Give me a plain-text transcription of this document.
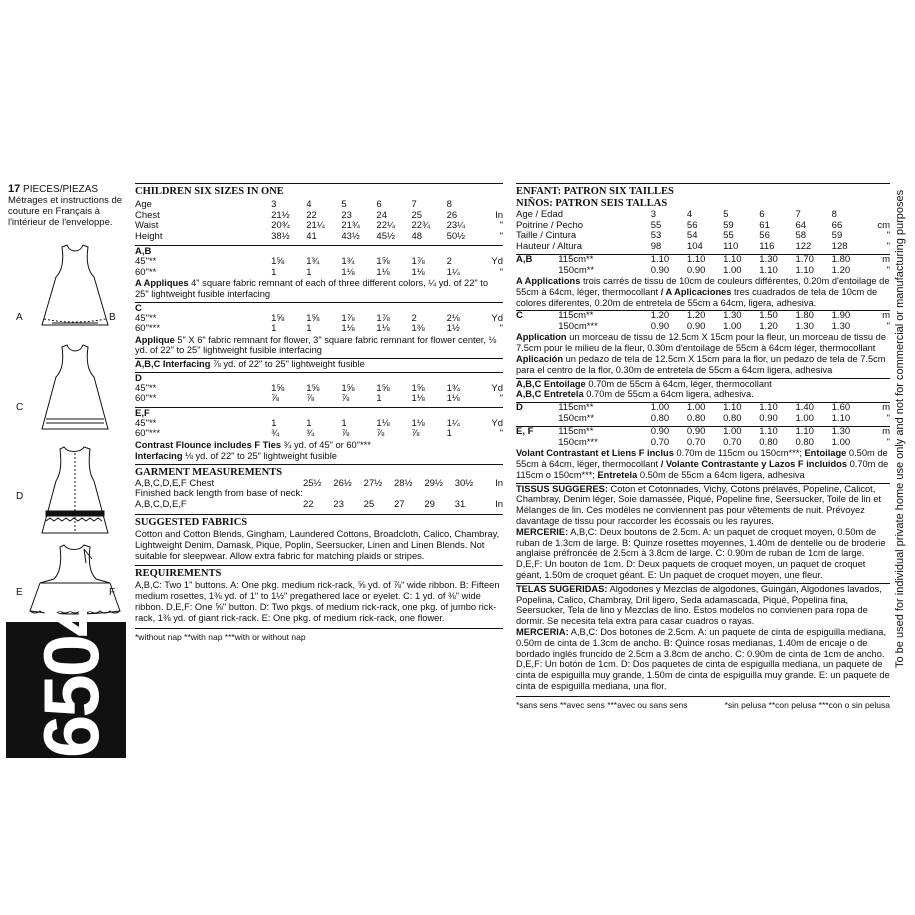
17 PIECES/PIEZAS
Métrages et instructions de couture en Français à l'intérieur de l'enveloppe.
A	B
C
D
E	F
6504
To be used for individual private home use only and not for commercial or manufacturing purposes
CHILDREN SIX SIZES IN ONE
Age	3	4	5	6	7	8	
Chest	21½	22	23	24	25	26	In
Waist	20¾	21¼	21¾	22¼	22¾	23¼	"
Height	38½	41	43½	45½	48	50½	"
A,B
45"**	1⅝	1¾	1¾	1⅝	1⅞	2	Yd
60"**	1	1	1⅛	1⅛	1⅛	1¼	"
A Appliques 4" square fabric remnant of each of three different colors, ¼ yd. of 22" to 25" lightweight fusible interfacing
C
45"**	1⅝	1⅝	1⅞	1⅞	2	2⅛	Yd
60"***	1	1	1⅛	1⅛	1⅜	1½	"
Applique 5" X 6" fabric remnant for flower, 3" square fabric remnant for flower center, ⅛ yd. of 22" to 25" lightweight fusible interfacing
A,B,C Interfacing ⅞ yd. of 22" to 25" lightweight fusible
D
45"**	1⅝	1⅝	1⅝	1⅝	1⅝	1¾	Yd
60"**	⅞	⅞	⅞	1	1⅛	1⅛	"
E,F
45"**	1	1	1	1⅛	1⅛	1¼	Yd
60"***	¾	¾	⅞	⅞	⅞	1	"
Contrast Flounce includes F Ties ¾ yd. of 45" or 60"***
Interfacing ⅛ yd. of 22" to 25" lightweight fusible
GARMENT MEASUREMENTS
A,B,C,D,E,F Chest	25½	26½	27½	28½	29½	30½	In
Finished back length from base of neck:							
A,B,C,D,E,F	22	23	25	27	29	31	In
SUGGESTED FABRICS
Cotton and Cotton Blends, Gingham, Laundered Cottons, Broadcloth, Calico, Chambray, Lightweight Denim, Damask, Pique, Poplin, Seersucker, Linen and Linen Blends. Not suitable for sleepwear. Allow extra fabric for matching plaids or stripes.
REQUIREMENTS
A,B,C: Two 1" buttons. A: One pkg. medium rick-rack, ⅝ yd. of ⅞" wide ribbon. B: Fifteen medium rosettes, 1⅜ yd. of 1" to 1½" pregathered lace or eyelet. C: 1 yd. of ⅜" wide ribbon. D,E,F: One ⅝" button. D: Two pkgs. of medium rick-rack, one pkg. of jumbo rick-rack, 1⅜ yd. of giant rick-rack. E: One pkg. of medium rick-rack, one flower.
*without nap **with nap ***with or without nap
ENFANT: PATRON SIX TAILLES
NIÑOS: PATRON SEIS TALLAS
Age / Edad	3	4	5	6	7	8	
Poitrine / Pecho	55	56	59	61	64	66	cm
Taille / Cintura	53	54	55	56	58	59	"
Hauteur / Altura	98	104	110	116	122	128	"
A,B	115cm**	1.10	1.10	1.10	1.30	1.70	1.80	m
	150cm**	0.90	0.90	1.00	1.10	1.10	1.20	"
A Applications trois carrés de tissu de 10cm de couleurs différentes, 0.20m d'entoilage de 55cm à 64cm, léger, thermocollant / A Aplicaciones tres cuadrados de tela de 10cm de colores diferentes, 0.20m de entretela de 55cm a 64cm, ligera, adhesiva.
C	115cm**	1.20	1.20	1.30	1.50	1.80	1.90	m
	150cm***	0.90	0.90	1.00	1.20	1.30	1.30	"
Application un morceau de tissu de 12.5cm X 15cm pour la fleur, un morceau de tissu de 7.5cm pour le milieu de la fleur, 0.30m d'entoilage de 55cm à 64cm léger, thermocollant
Aplicación un pedazo de tela de 12.5cm X 15cm para la flor, un pedazo de tela de 7.5cm para el centro de la flor, 0.30m de entretela de 55cm a 64cm ligera, adhesiva
A,B,C Entoilage 0.70m de 55cm à 64cm, léger, thermocollant
A,B,C Entretela 0.70m de 55cm a 64cm ligera, adhesiva.
D	115cm**	1.00	1.00	1.10	1.10	1.40	1.60	m
	150cm**	0.80	0.80	0.80	0.90	1.00	1.10	"
E, F	115cm**	0.90	0.90	1.00	1.10	1.10	1.30	m
	150cm***	0.70	0.70	0.70	0.80	0.80	1.00	"
Volant Contrastant et Liens F inclus 0.70m de 115cm ou 150cm***; Entoilage 0.50m de 55cm à 64cm, léger, thermocollant / Volante Contrastante y Lazos F incluidos 0.70m de 115cm o 150cm***; Entretela 0.50m de 55cm a 64cm ligera, adhesiva
TISSUS SUGGERES: Coton et Cotonnades, Vichy, Cotons prélavés, Popeline, Calicot, Chambray, Denim léger, Soie damassée, Piqué, Popeline fine, Seersucker, Toile de lin et Mélanges de lin. Ces modèles ne conviennent pas pour vêtements de nuit. Prévoyez davantage de tissu pour raccorder les écossais ou les rayures.
MERCERIE: A,B,C: Deux boutons de 2.5cm. A: un paquet de croquet moyen, 0.50m de ruban de 1.3cm de large. B: Quinze rosettes moyennes, 1.40m de dentelle ou de broderie anglaise préfroncée de 2.5cm à 3.8cm de large. C: 0.90m de ruban de 1cm de large. D,E,F: Un bouton de 1cm. D: Deux paquets de croquet moyen, un paquet de croquet géant, 1.50m de croquet géant. E: Un paquet de croquet moyen, une fleur.
TELAS SUGERIDAS: Algodones y Mezclas de algodones, Guingán, Algodones lavados, Popelina, Calico, Chambray, Dril ligero, Seda adamascada, Piqué, Popelina fina, Seersucker, Tela de lino y Mezclas de lino. Estos modelos no convienen para ropa de dormir. Se necesita tela extra para casar cuadros o rayas.
MERCERIA: A,B,C: Dos botones de 2.5cm. A: un paquete de cinta de espiguilla mediana, 0.50m de cinta de 1.3cm de ancho. B: Quince rosas medianas, 1.40m de encaje o de bordado inglés fruncido de 2.5cm a 3.8cm de ancho. C: 0.90m de cinta de 1cm de ancho. D,E,F: Un botón de 1cm. D: Dos paquetes de cinta de espiguilla mediana, un paquete de cinta de espiguilla muy grande, 1.50m de cinta de espiguilla muy grande. E: un paquete de cinta de espiguilla mediana, una flor.
*sans sens **avec sens ***avec ou sans sens	*sin pelusa **con pelusa ***con o sin pelusa
